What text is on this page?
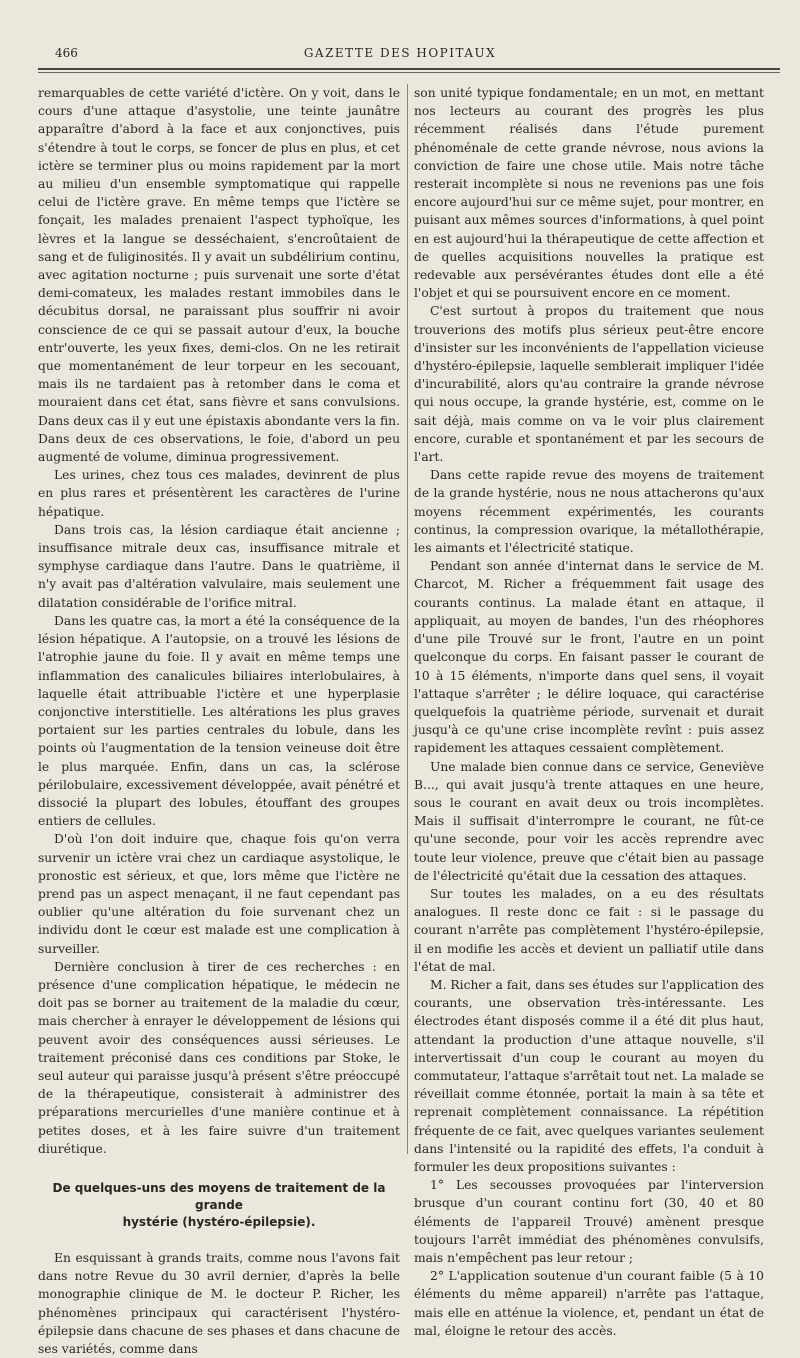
466	GAZETTE DES HOPITAUX

remarquables de cette variété d'ictère. On y voit, dans le cours d'une attaque d'asystolie, une teinte jaunâtre apparaître d'abord à la face et aux conjonctives, puis s'étendre à tout le corps, se foncer de plus en plus, et cet ictère se terminer plus ou moins rapidement par la mort au milieu d'un ensemble symptomatique qui rappelle celui de l'ictère grave. En même temps que l'ictère se fonçait, les malades prenaient l'aspect typhoïque, les lèvres et la langue se desséchaient, s'encroûtaient de sang et de fuliginosités. Il y avait un subdélirium continu, avec agitation nocturne ; puis survenait une sorte d'état demi-comateux, les malades restant immobiles dans le décubitus dorsal, ne paraissant plus souffrir ni avoir conscience de ce qui se passait autour d'eux, la bouche entr'ouverte, les yeux fixes, demi-clos. On ne les retirait que momentanément de leur torpeur en les secouant, mais ils ne tardaient pas à retomber dans le coma et mouraient dans cet état, sans fièvre et sans convulsions. Dans deux cas il y eut une épistaxis abondante vers la fin. Dans deux de ces observations, le foie, d'abord un peu augmenté de volume, diminua progressivement.

Les urines, chez tous ces malades, devinrent de plus en plus rares et présentèrent les caractères de l'urine hépatique.

Dans trois cas, la lésion cardiaque était ancienne ; insuffisance mitrale deux cas, insuffisance mitrale et symphyse cardiaque dans l'autre. Dans le quatrième, il n'y avait pas d'altération valvulaire, mais seulement une dilatation considérable de l'orifice mitral.

Dans les quatre cas, la mort a été la conséquence de la lésion hépatique. A l'autopsie, on a trouvé les lésions de l'atrophie jaune du foie. Il y avait en même temps une inflammation des canalicules biliaires interlobulaires, à laquelle était attribuable l'ictère et une hyperplasie conjonctive interstitielle. Les altérations les plus graves portaient sur les parties centrales du lobule, dans les points où l'augmentation de la tension veineuse doit être le plus marquée. Enfin, dans un cas, la sclérose périlobulaire, excessivement développée, avait pénétré et dissocié la plupart des lobules, étouffant des groupes entiers de cellules.

D'où l'on doit induire que, chaque fois qu'on verra survenir un ictère vrai chez un cardiaque asystolique, le pronostic est sérieux, et que, lors même que l'ictère ne prend pas un aspect menaçant, il ne faut cependant pas oublier qu'une altération du foie survenant chez un individu dont le cœur est malade est une complication à surveiller.

Dernière conclusion à tirer de ces recherches : en présence d'une complication hépatique, le médecin ne doit pas se borner au traitement de la maladie du cœur, mais chercher à enrayer le développement de lésions qui peuvent avoir des conséquences aussi sérieuses. Le traitement préconisé dans ces conditions par Stoke, le seul auteur qui paraisse jusqu'à présent s'être préoccupé de la thérapeutique, consisterait à administrer des préparations mercurielles d'une manière continue et à petites doses, et à les faire suivre d'un traitement diurétique.

De quelques-uns des moyens de traitement de la grande
hystérie (hystéro-épilepsie).

En esquissant à grands traits, comme nous l'avons fait dans notre Revue du 30 avril dernier, d'après la belle monographie clinique de M. le docteur P. Richer, les phénomènes principaux qui caractérisent l'hystéro-épilepsie dans chacune de ses phases et dans chacune de ses variétés, comme dans

son unité typique fondamentale; en un mot, en mettant nos lecteurs au courant des progrès les plus récemment réalisés dans l'étude purement phénoménale de cette grande névrose, nous avions la conviction de faire une chose utile. Mais notre tâche resterait incomplète si nous ne revenions pas une fois encore aujourd'hui sur ce même sujet, pour montrer, en puisant aux mêmes sources d'informations, à quel point en est aujourd'hui la thérapeutique de cette affection et de quelles acquisitions nouvelles la pratique est redevable aux persévérantes études dont elle a été l'objet et qui se poursuivent encore en ce moment.

C'est surtout à propos du traitement que nous trouverions des motifs plus sérieux peut-être encore d'insister sur les inconvénients de l'appellation vicieuse d'hystéro-épilepsie, laquelle semblerait impliquer l'idée d'incurabilité, alors qu'au contraire la grande névrose qui nous occupe, la grande hystérie, est, comme on le sait déjà, mais comme on va le voir plus clairement encore, curable et spontanément et par les secours de l'art.

Dans cette rapide revue des moyens de traitement de la grande hystérie, nous ne nous attacherons qu'aux moyens récemment expérimentés, les courants continus, la compression ovarique, la métallothérapie, les aimants et l'électricité statique.

Pendant son année d'internat dans le service de M. Charcot, M. Richer a fréquemment fait usage des courants continus. La malade étant en attaque, il appliquait, au moyen de bandes, l'un des rhéophores d'une pile Trouvé sur le front, l'autre en un point quelconque du corps. En faisant passer le courant de 10 à 15 éléments, n'importe dans quel sens, il voyait l'attaque s'arrêter ; le délire loquace, qui caractérise quelquefois la quatrième période, survenait et durait jusqu'à ce qu'une crise incomplète revînt : puis assez rapidement les attaques cessaient complètement.

Une malade bien connue dans ce service, Geneviève B..., qui avait jusqu'à trente attaques en une heure, sous le courant en avait deux ou trois incomplètes. Mais il suffisait d'interrompre le courant, ne fût-ce qu'une seconde, pour voir les accès reprendre avec toute leur violence, preuve que c'était bien au passage de l'électricité qu'était due la cessation des attaques.

Sur toutes les malades, on a eu des résultats analogues. Il reste donc ce fait : si le passage du courant n'arrête pas complètement l'hystéro-épilepsie, il en modifie les accès et devient un palliatif utile dans l'état de mal.

M. Richer a fait, dans ses études sur l'application des courants, une observation très-intéressante. Les électrodes étant disposés comme il a été dit plus haut, attendant la production d'une attaque nouvelle, s'il intervertissait d'un coup le courant au moyen du commutateur, l'attaque s'arrêtait tout net. La malade se réveillait comme étonnée, portait la main à sa tête et reprenait complètement connaissance. La répétition fréquente de ce fait, avec quelques variantes seulement dans l'intensité ou la rapidité des effets, l'a conduit à formuler les deux propositions suivantes :

1° Les secousses provoquées par l'interversion brusque d'un courant continu fort (30, 40 et 80 éléments de l'appareil Trouvé) amènent presque toujours l'arrêt immédiat des phénomènes convulsifs, mais n'empêchent pas leur retour ;

2° L'application soutenue d'un courant faible (5 à 10 éléments du même appareil) n'arrête pas l'attaque, mais elle en atténue la violence, et, pendant un état de mal, éloigne le retour des accès.
